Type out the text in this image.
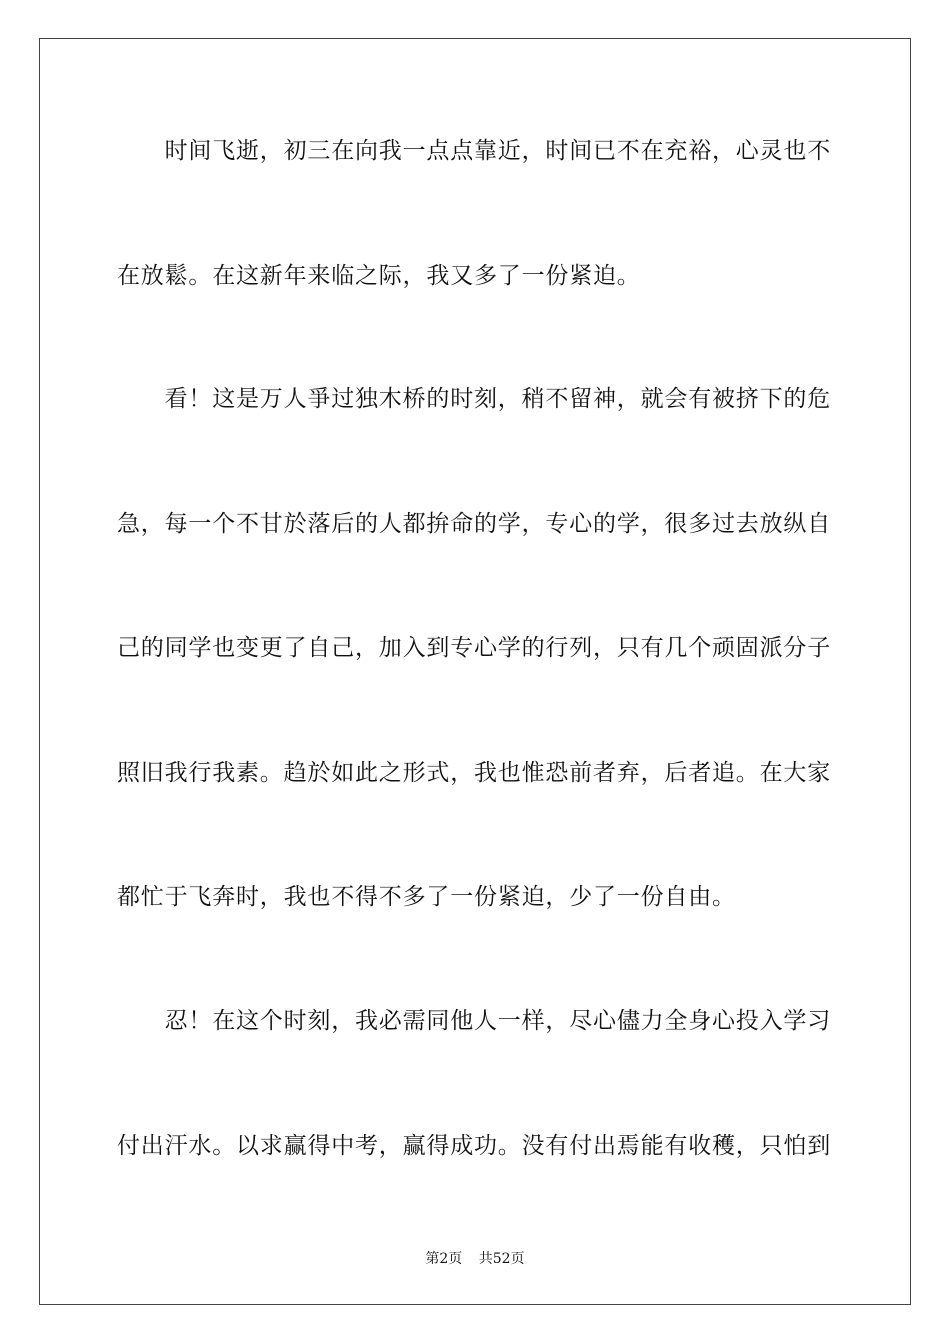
　　时间飞逝，初三在向我一点点靠近，时间已不在充裕，心灵也不
在放鬆。在这新年来临之际，我又多了一份紧迫。
　　看！这是万人爭过独木桥的时刻，稍不留神，就会有被挤下的危
急，每一个不甘於落后的人都拚命的学，专心的学，很多过去放纵自
己的同学也变更了自己，加入到专心学的行列，只有几个顽固派分子
照旧我行我素。趋於如此之形式，我也惟恐前者弃，后者追。在大家
都忙于飞奔时，我也不得不多了一份紧迫，少了一份自由。
　　忍！在这个时刻，我必需同他人一样，尽心儘力全身心投入学习
付出汗水。以求赢得中考，赢得成功。没有付出焉能有收穫，只怕到
第2页 共52页
